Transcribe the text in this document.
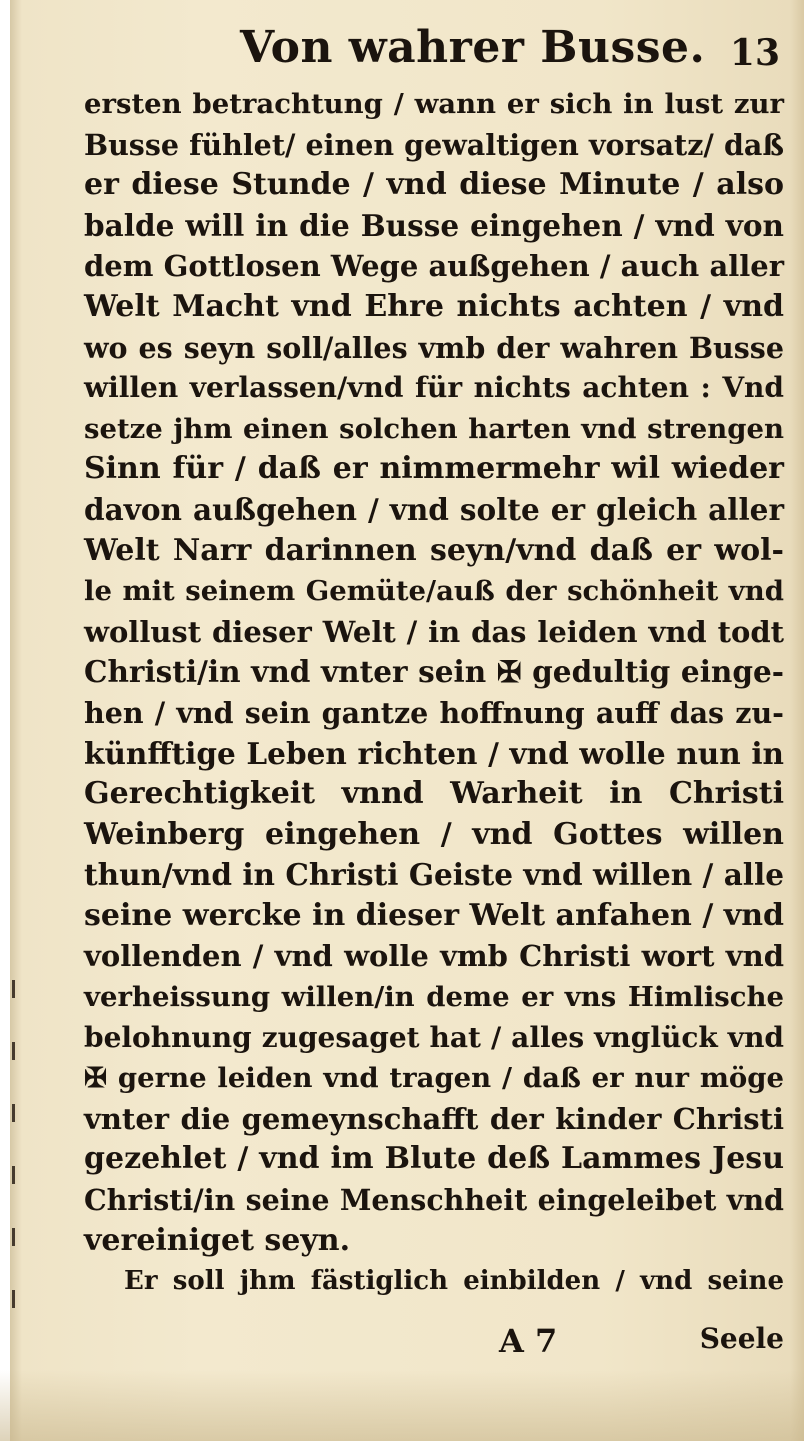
Von wahrer Busse. 13
ersten betrachtung / wann er sich in lust zur
Busse fühlet/ einen gewaltigen vorsatz/ daß
er diese Stunde / vnd diese Minute / also
balde will in die Busse eingehen / vnd von
dem Gottlosen Wege außgehen / auch aller
Welt Macht vnd Ehre nichts achten / vnd
wo es seyn soll/alles vmb der wahren Busse
willen verlassen/vnd für nichts achten : Vnd
setze jhm einen solchen harten vnd strengen
Sinn für / daß er nimmermehr wil wieder
davon außgehen / vnd solte er gleich aller
Welt Narr darinnen seyn/vnd daß er wol-
le mit seinem Gemüte/auß der schönheit vnd
wollust dieser Welt / in das leiden vnd todt
Christi/in vnd vnter sein ✠ gedultig einge-
hen / vnd sein gantze hoffnung auff das zu-
künfftige Leben richten / vnd wolle nun in
Gerechtigkeit vnnd Warheit in Christi
Weinberg eingehen / vnd Gottes willen
thun/vnd in Christi Geiste vnd willen / alle
seine wercke in dieser Welt anfahen / vnd
vollenden / vnd wolle vmb Christi wort vnd
verheissung willen/in deme er vns Himlische
belohnung zugesaget hat / alles vnglück vnd
✠ gerne leiden vnd tragen / daß er nur möge
vnter die gemeynschafft der kinder Christi
gezehlet / vnd im Blute deß Lammes Jesu
Christi/in seine Menschheit eingeleibet vnd
vereiniget seyn.
Er soll jhm fästiglich einbilden / vnd seine
A 7	Seele
